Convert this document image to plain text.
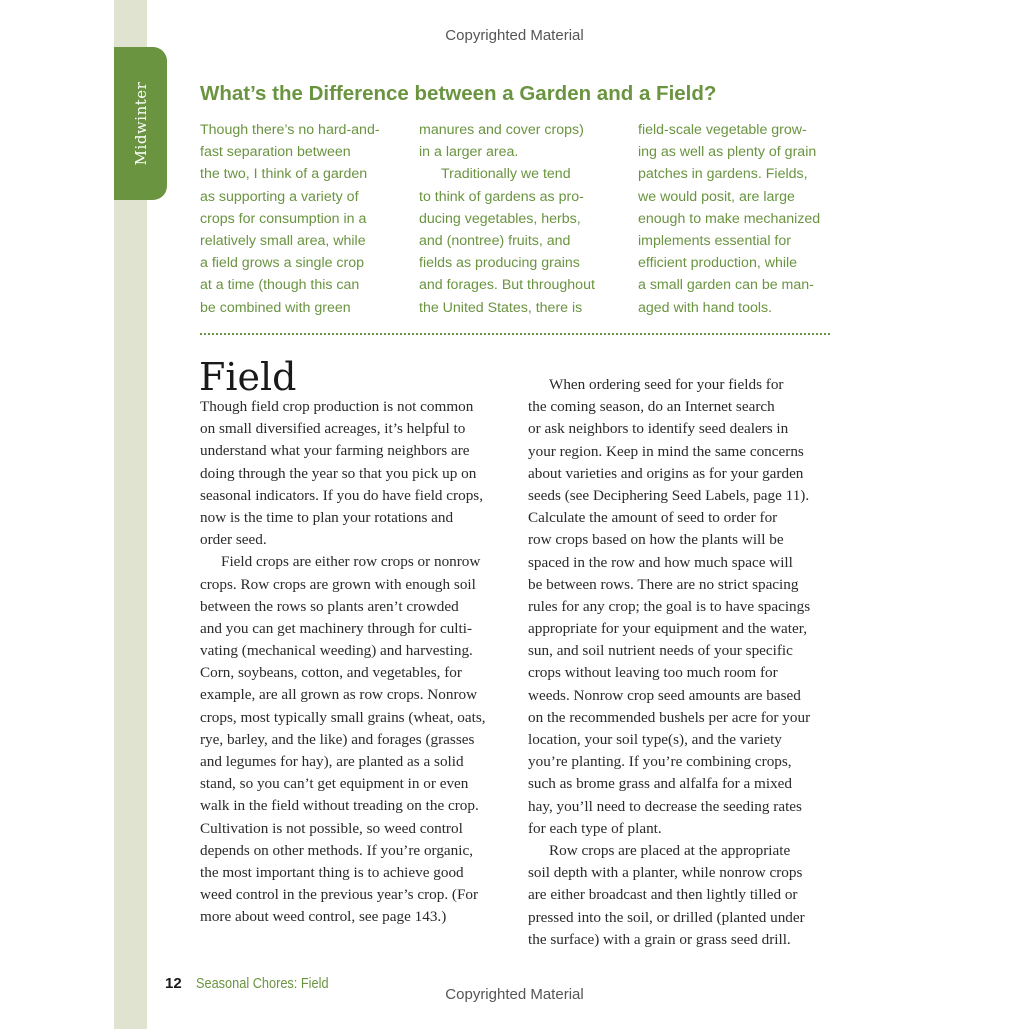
Midwinter
Copyrighted Material
What’s the Difference between a Garden and a Field?
Though there’s no hard-and-
fast separation between
the two, I think of a garden
as supporting a variety of
crops for consumption in a
relatively small area, while
a field grows a single crop
at a time (though this can
be combined with green
manures and cover crops)
in a larger area.
Traditionally we tend
to think of gardens as pro-
ducing vegetables, herbs,
and (nontree) fruits, and
fields as producing grains
and forages. But throughout
the United States, there is
field-scale vegetable grow-
ing as well as plenty of grain
patches in gardens. Fields,
we would posit, are large
enough to make mechanized
implements essential for
efficient production, while
a small garden can be man-
aged with hand tools.
Field
Though field crop production is not common
on small diversified acreages, it’s helpful to
understand what your farming neighbors are
doing through the year so that you pick up on
seasonal indicators. If you do have field crops,
now is the time to plan your rotations and
order seed.
Field crops are either row crops or nonrow
crops. Row crops are grown with enough soil
between the rows so plants aren’t crowded
and you can get machinery through for culti-
vating (mechanical weeding) and harvesting.
Corn, soybeans, cotton, and vegetables, for
example, are all grown as row crops. Nonrow
crops, most typically small grains (wheat, oats,
rye, barley, and the like) and forages (grasses
and legumes for hay), are planted as a solid
stand, so you can’t get equipment in or even
walk in the field without treading on the crop.
Cultivation is not possible, so weed control
depends on other methods. If you’re organic,
the most important thing is to achieve good
weed control in the previous year’s crop. (For
more about weed control, see page 143.)
When ordering seed for your fields for
the coming season, do an Internet search
or ask neighbors to identify seed dealers in
your region. Keep in mind the same concerns
about varieties and origins as for your garden
seeds (see Deciphering Seed Labels, page 11).
Calculate the amount of seed to order for
row crops based on how the plants will be
spaced in the row and how much space will
be between rows. There are no strict spacing
rules for any crop; the goal is to have spacings
appropriate for your equipment and the water,
sun, and soil nutrient needs of your specific
crops without leaving too much room for
weeds. Nonrow crop seed amounts are based
on the recommended bushels per acre for your
location, your soil type(s), and the variety
you’re planting. If you’re combining crops,
such as brome grass and alfalfa for a mixed
hay, you’ll need to decrease the seeding rates
for each type of plant.
Row crops are placed at the appropriate
soil depth with a planter, while nonrow crops
are either broadcast and then lightly tilled or
pressed into the soil, or drilled (planted under
the surface) with a grain or grass seed drill.
12 Seasonal Chores: Field
Copyrighted Material
